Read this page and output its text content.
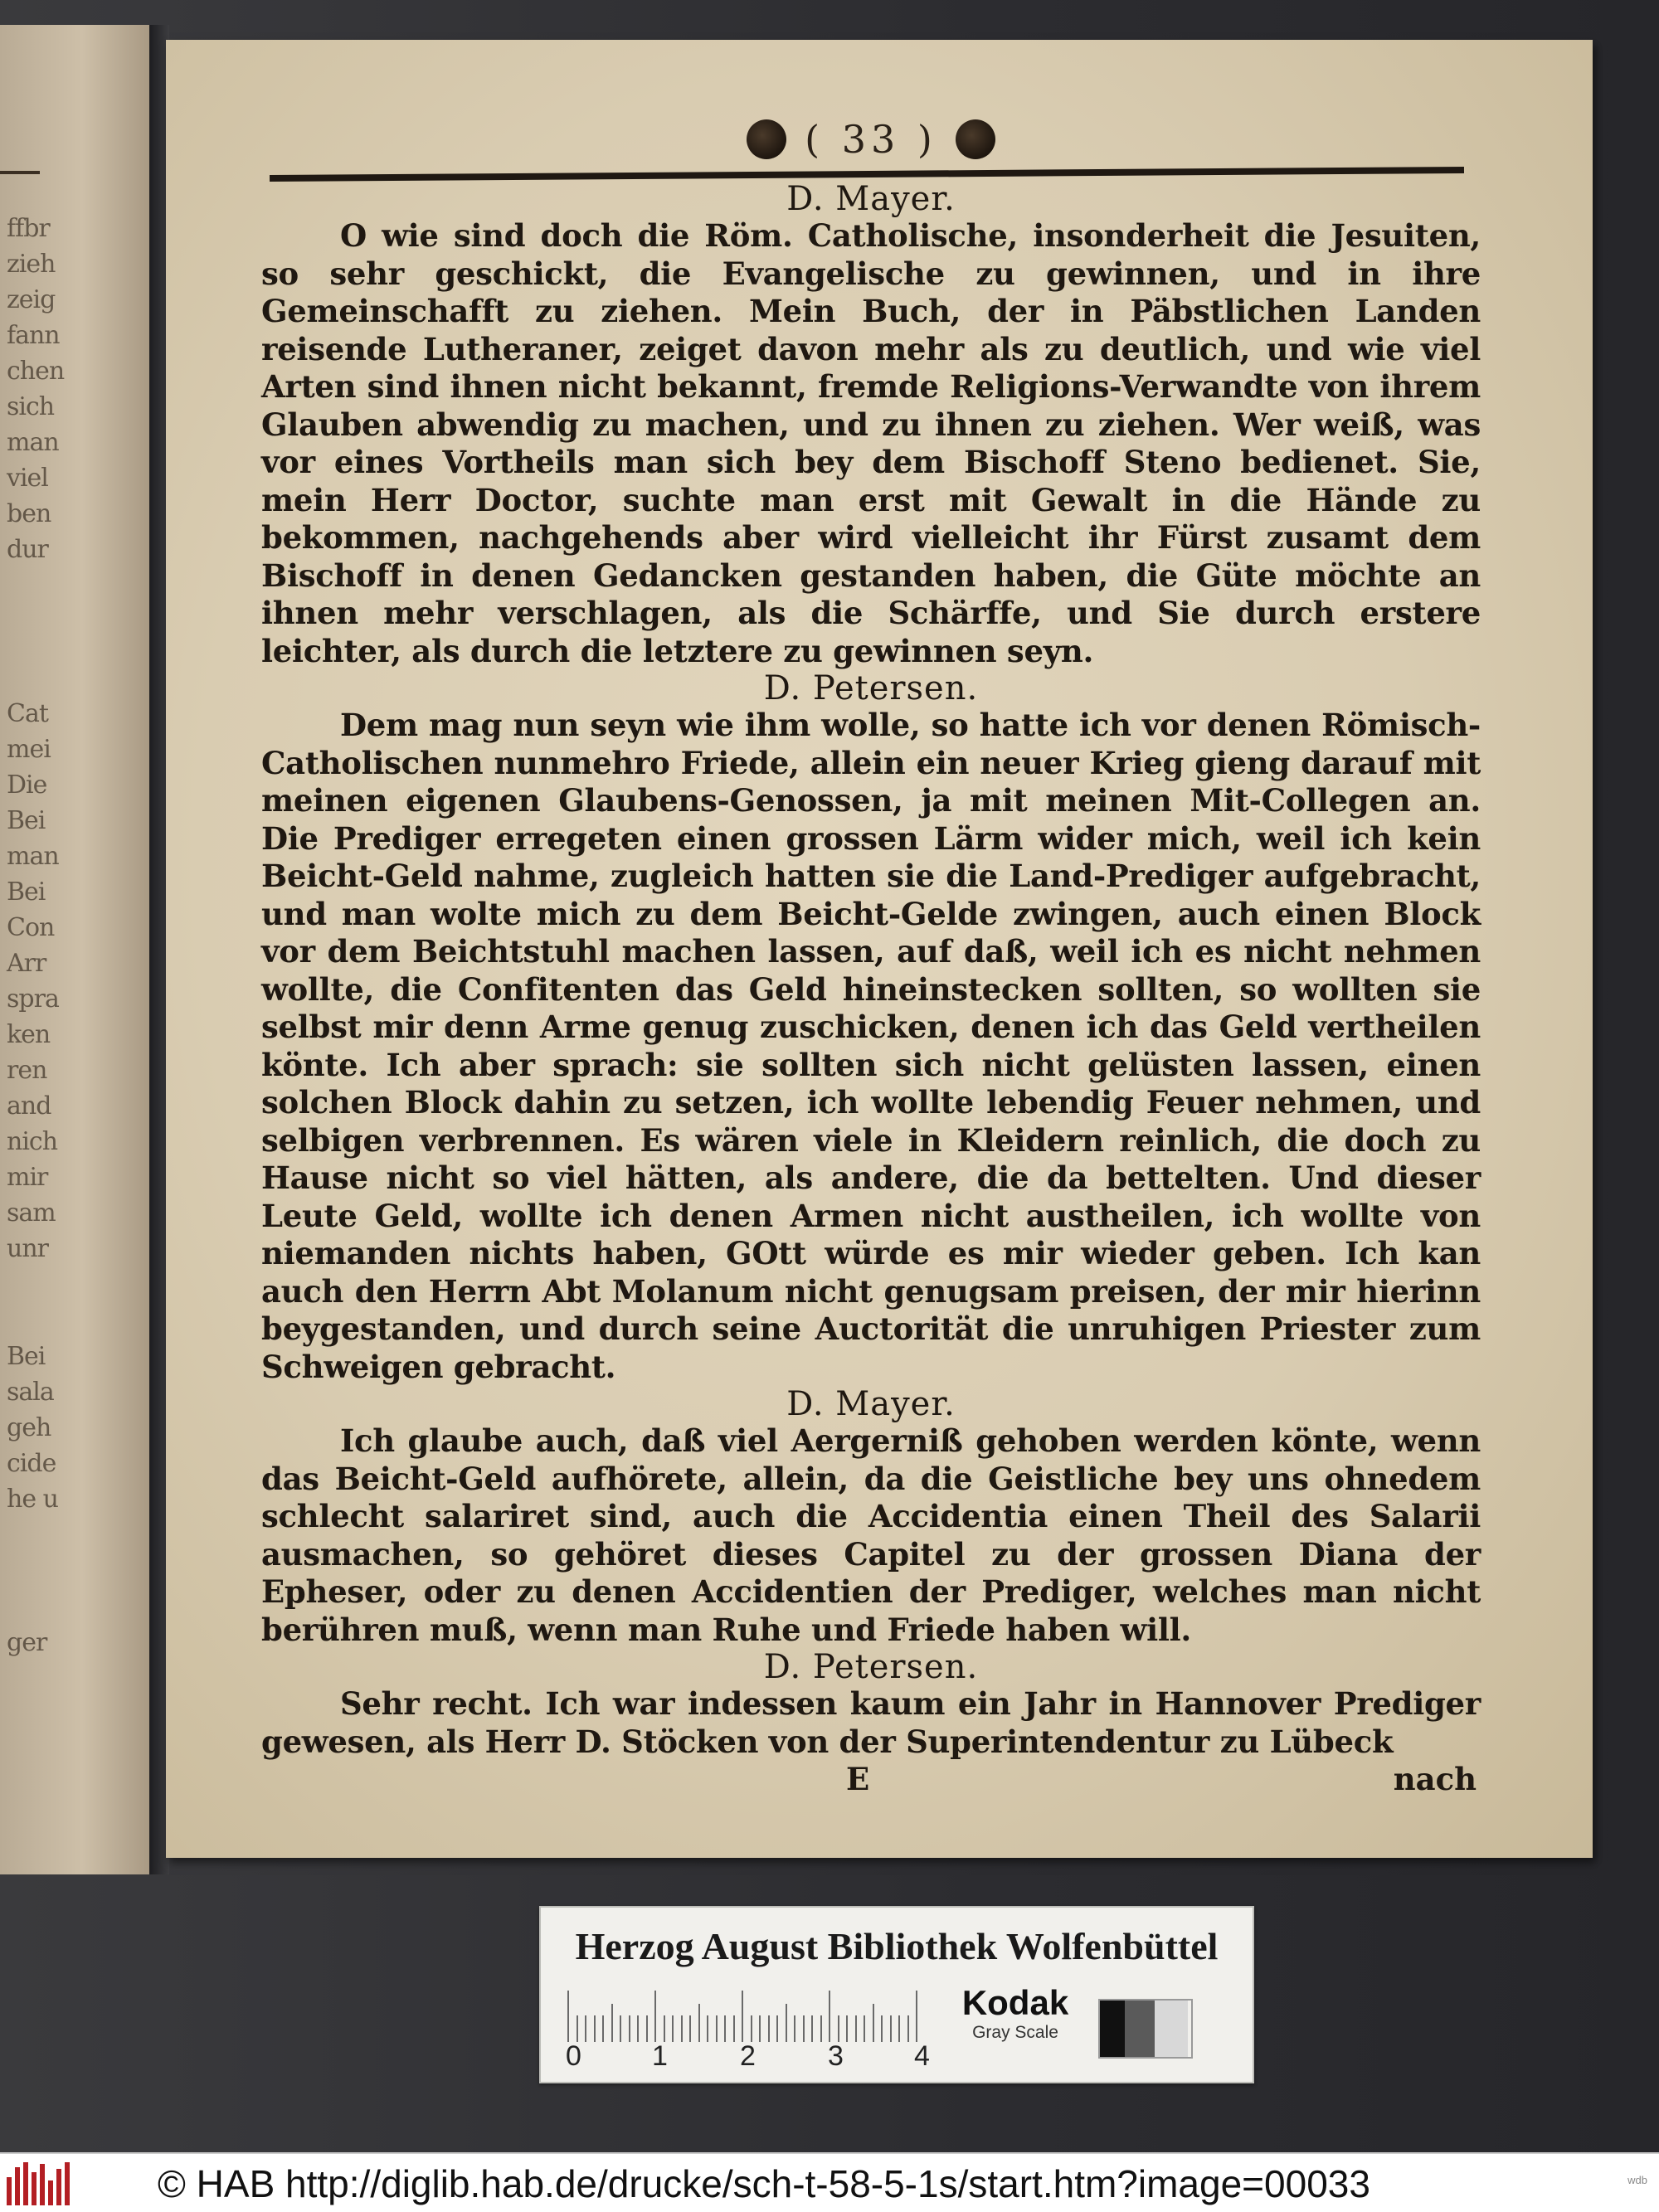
ffbr
zieh
zeig
fann
chen
sich
man
viel
ben
dur
Cat
mei
Die
Bei
man
Bei
Con
Arr
spra
ken
ren
and
nich
mir
sam
unr
Bei
sala
geh
cide
he u
ger
( 33 )
D. Mayer.

O wie sind doch die Röm. Catholische, insonderheit die Jesuiten, so sehr geschickt, die Evangelische zu gewinnen, und in ihre Gemeinschafft zu ziehen. Mein Buch, der in Päbstlichen Landen reisende Lutheraner, zeiget davon mehr als zu deutlich, und wie viel Arten sind ihnen nicht bekannt, fremde Religions-Verwandte von ihrem Glauben abwendig zu machen, und zu ihnen zu ziehen. Wer weiß, was vor eines Vortheils man sich bey dem Bischoff Steno bedienet. Sie, mein Herr Doctor, suchte man erst mit Gewalt in die Hände zu bekommen, nachgehends aber wird vielleicht ihr Fürst zusamt dem Bischoff in denen Gedancken gestanden haben, die Güte möchte an ihnen mehr verschlagen, als die Schärffe, und Sie durch erstere leichter, als durch die letztere zu gewinnen seyn.

D. Petersen.

Dem mag nun seyn wie ihm wolle, so hatte ich vor denen Römisch-Catholischen nunmehro Friede, allein ein neuer Krieg gieng darauf mit meinen eigenen Glaubens-Genossen, ja mit meinen Mit-Collegen an. Die Prediger erregeten einen grossen Lärm wider mich, weil ich kein Beicht-Geld nahme, zugleich hatten sie die Land-Prediger aufgebracht, und man wolte mich zu dem Beicht-Gelde zwingen, auch einen Block vor dem Beichtstuhl machen lassen, auf daß, weil ich es nicht nehmen wollte, die Confitenten das Geld hineinstecken sollten, so wollten sie selbst mir denn Arme genug zuschicken, denen ich das Geld vertheilen könte. Ich aber sprach: sie sollten sich nicht gelüsten lassen, einen solchen Block dahin zu setzen, ich wollte lebendig Feuer nehmen, und selbigen verbrennen. Es wären viele in Kleidern reinlich, die doch zu Hause nicht so viel hätten, als andere, die da bettelten. Und dieser Leute Geld, wollte ich denen Armen nicht austheilen, ich wollte von niemanden nichts haben, GOtt würde es mir wieder geben. Ich kan auch den Herrn Abt Molanum nicht genugsam preisen, der mir hierinn beygestanden, und durch seine Auctorität die unruhigen Priester zum Schweigen gebracht.

D. Mayer.

Ich glaube auch, daß viel Aergerniß gehoben werden könte, wenn das Beicht-Geld aufhörete, allein, da die Geistliche bey uns ohnedem schlecht salariret sind, auch die Accidentia einen Theil des Salarii ausmachen, so gehöret dieses Capitel zu der grossen Diana der Epheser, oder zu denen Accidentien der Prediger, welches man nicht berühren muß, wenn man Ruhe und Friede haben will.

D. Petersen.

Sehr recht. Ich war indessen kaum ein Jahr in Hannover Prediger gewesen, als Herr D. Stöcken von der Superintendentur zu Lübeck

E	nach
Herzog August Bibliothek Wolfenbüttel
0	1	2	3	4
Kodak
Gray Scale
© HAB http://diglib.hab.de/drucke/sch-t-58-5-1s/start.htm?image=00033	wdb
